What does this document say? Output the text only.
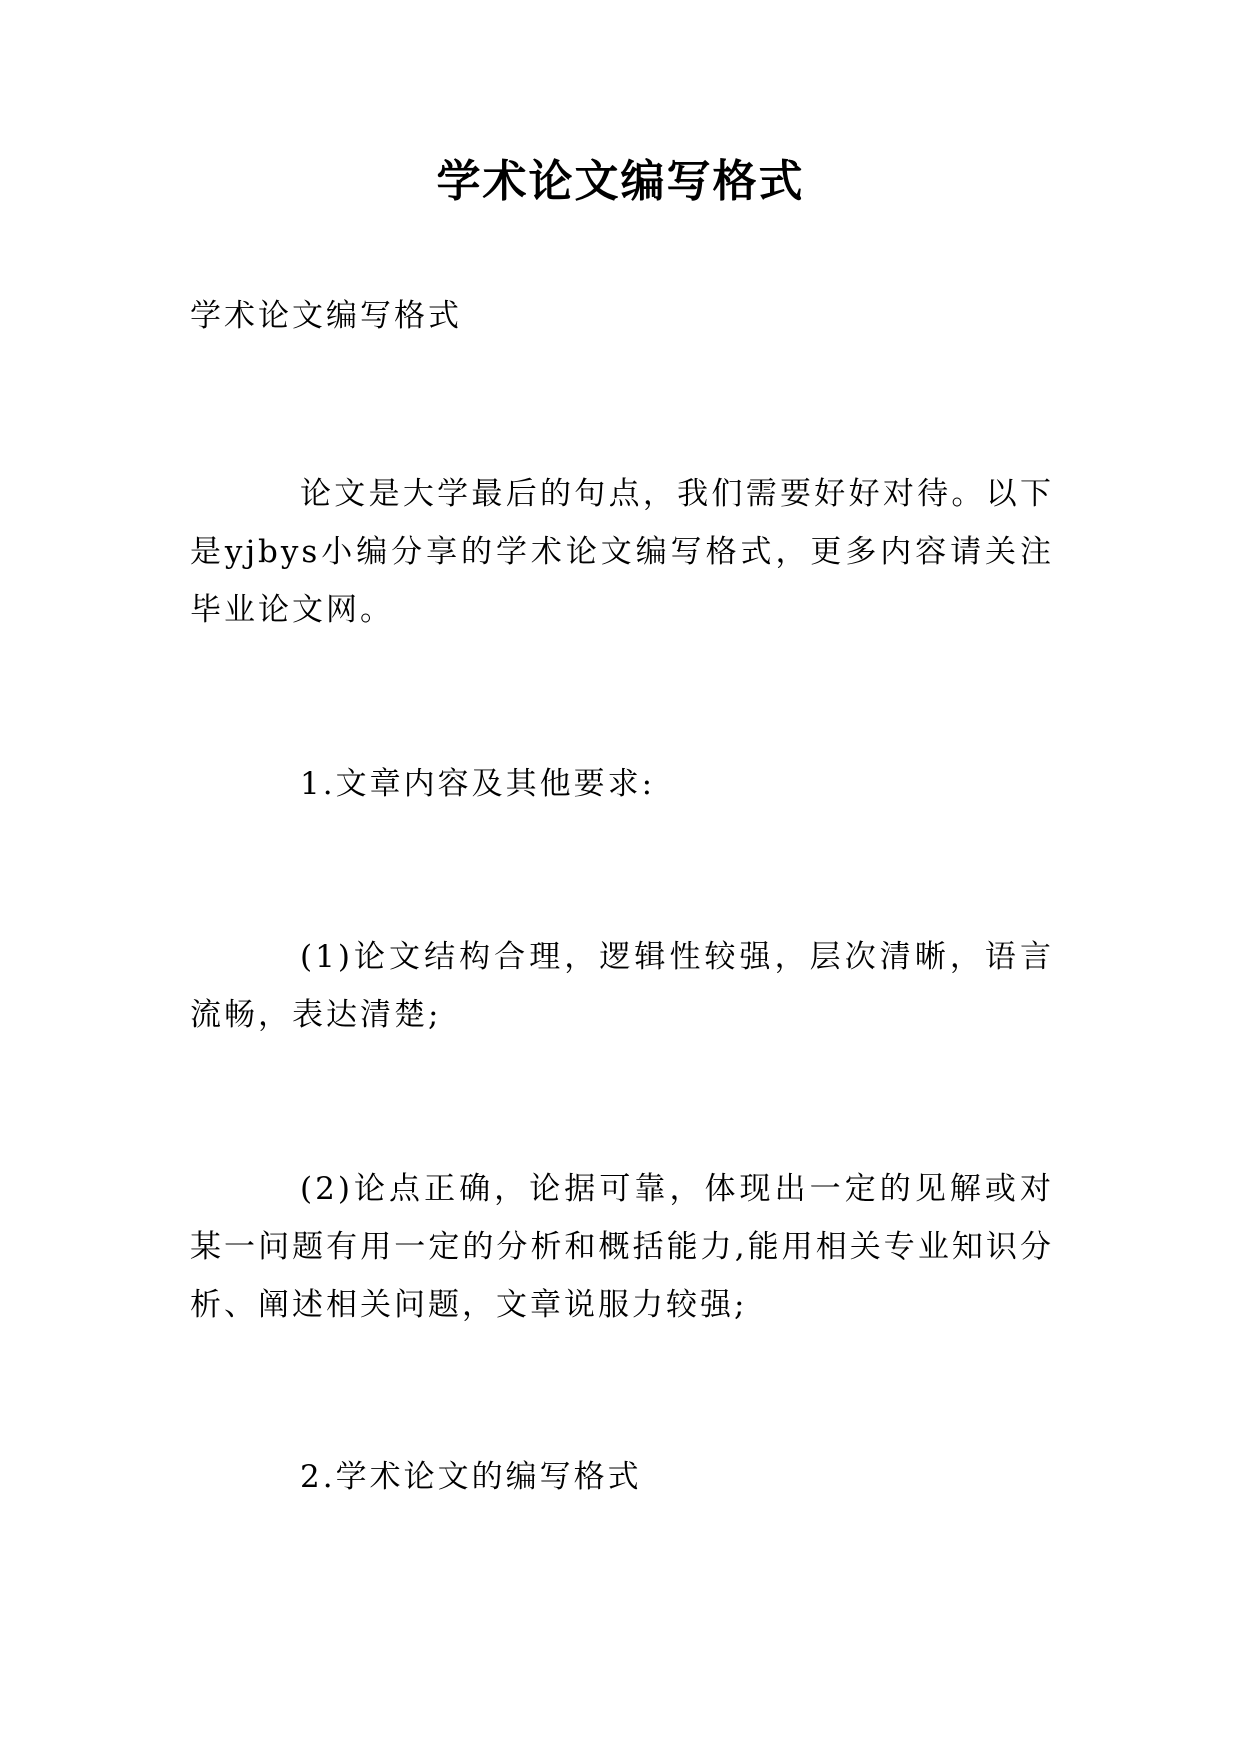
学术论文编写格式

学术论文编写格式

论文是大学最后的句点，我们需要好好对待。以下是yjbys小编分享的学术论文编写格式，更多内容请关注毕业论文网。

1.文章内容及其他要求:

(1)论文结构合理，逻辑性较强，层次清晰，语言流畅，表达清楚;

(2)论点正确，论据可靠，体现出一定的见解或对某一问题有用一定的分析和概括能力,能用相关专业知识分析、阐述相关问题，文章说服力较强;

2.学术论文的编写格式
